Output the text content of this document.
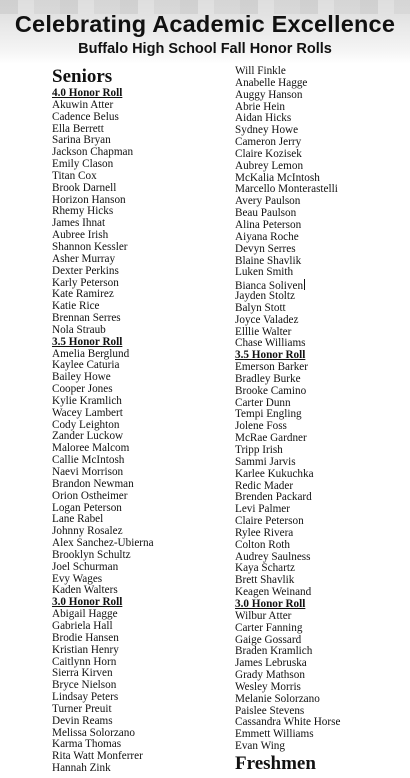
Celebrating Academic Excellence
Buffalo High School Fall Honor Rolls
Seniors
4.0 Honor Roll
Akuwin Atter
Cadence Belus
Ella Berrett
Sarina Bryan
Jackson Chapman
Emily Clason
Titan Cox
Brook Darnell
Horizon Hanson
Rhemy Hicks
James Ihnat
Aubree Irish
Shannon Kessler
Asher Murray
Dexter Perkins
Karly Peterson
Kate Ramirez
Katie Rice
Brennan Serres
Nola Straub
3.5 Honor Roll
Amelia Berglund
Kaylee Caturia
Bailey Howe
Cooper Jones
Kylie Kramlich
Wacey Lambert
Cody Leighton
Zander Luckow
Maloree Malcom
Callie McIntosh
Naevi Morrison
Brandon Newman
Orion Ostheimer
Logan Peterson
Lane Rabel
Johnny Rosalez
Alex Sanchez-Ubierna
Brooklyn Schultz
Joel Schurman
Evy Wages
Kaden Walters
3.0 Honor Roll
Abigail Hagge
Gabriela Hall
Brodie Hansen
Kristian Henry
Caitlynn Horn
Sierra Kirven
Bryce Nielson
Lindsay Peters
Turner Preuit
Devin Reams
Melissa Solorzano
Karma Thomas
Rita Watt Monferrer
Hannah Zink
Will Finkle
Anabelle Hagge
Auggy Hanson
Abrie Hein
Aidan Hicks
Sydney Howe
Cameron Jerry
Claire Kozisek
Aubrey Lemon
McKalia McIntosh
Marcello Monterastelli
Avery Paulson
Beau Paulson
Alina Peterson
Aiyana Roche
Devyn Serres
Blaine Shavlik
Luken Smith
Bianca Soliven
Jayden Stoltz
Balyn Stott
Joyce Valadez
Elllie Walter
Chase Williams
3.5 Honor Roll
Emerson Barker
Bradley Burke
Brooke Camino
Carter Dunn
Tempi Engling
Jolene Foss
McRae Gardner
Tripp Irish
Sammi Jarvis
Karlee Kukuchka
Redic Mader
Brenden Packard
Levi Palmer
Claire Peterson
Rylee Rivera
Colton Roth
Audrey Saulness
Kaya Schartz
Brett Shavlik
Keagen Weinand
3.0 Honor Roll
Wilbur Atter
Carter Fanning
Gaige Gossard
Braden Kramlich
James Lebruska
Grady Mathson
Wesley Morris
Melanie Solorzano
Paislee Stevens
Cassandra White Horse
Emmett Williams
Evan Wing
Freshmen
